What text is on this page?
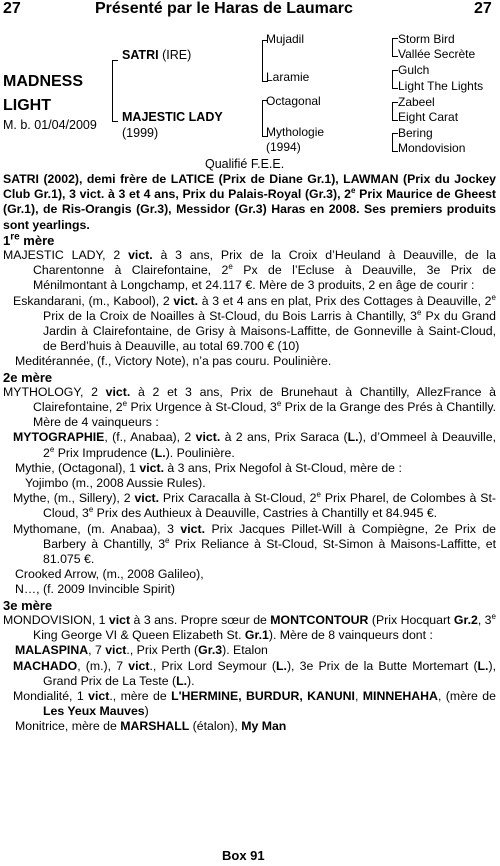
27	Présenté par le Haras de Laumarc	27
MADNESS
LIGHT
M. b. 01/04/2009
SATRI (IRE)
MAJESTIC LADY
(1999)
Mujadil
Laramie
Octagonal
Mythologie
(1994)
Storm Bird
Vallée Secrète
Gulch
Light The Lights
Zabeel
Eight Carat
Bering
Mondovision
Qualifié F.E.E.

SATRI (2002), demi frère de LATICE (Prix de Diane Gr.1), LAWMAN (Prix du Jockey Club Gr.1), 3 vict. à 3 et 4 ans, Prix du Palais-Royal (Gr.3), 2e Prix Maurice de Gheest (Gr.1), de Ris-Orangis (Gr.3), Messidor (Gr.3) Haras en 2008. Ses premiers produits sont yearlings.

1re mère

MAJESTIC LADY, 2 vict. à 3 ans, Prix de la Croix d’Heuland à Deauville, de la Charentonne à Clairefontaine, 2e Px de l’Ecluse à Deauville, 3e Prix de Ménilmontant à Longchamp, et 24.117 €. Mère de 3 produits, 2 en âge de courir :

Eskandarani, (m., Kabool), 2 vict. à 3 et 4 ans en plat, Prix des Cottages à Deauville, 2e Prix de la Croix de Noailles à St-Cloud, du Bois Larris à Chantilly, 3e Px du Grand Jardin à Clairefontaine, de Grisy à Maisons-Laffitte, de Gonneville à Saint-Cloud, de Berd’huis à Deauville, au total 69.700 € (10)

Meditérannée, (f., Victory Note), n’a pas couru. Poulinière.

2e mère

MYTHOLOGY, 2 vict. à 2 et 3 ans, Prix de Brunehaut à Chantilly, AllezFrance à Clairefontaine, 2e Prix Urgence à St-Cloud, 3e Prix de la Grange des Prés à Chantilly. Mère de 4 vainqueurs :

MYTOGRAPHIE, (f., Anabaa), 2 vict. à 2 ans, Prix Saraca (L.), d’Ommeel à Deauville, 2e Prix Imprudence (L.). Poulinière.

Mythie, (Octagonal), 1 vict. à 3 ans, Prix Negofol à St-Cloud, mère de :

Yojimbo (m., 2008 Aussie Rules).

Mythe, (m., Sillery), 2 vict. Prix Caracalla à St-Cloud, 2e Prix Pharel, de Colombes à St-Cloud, 3e Prix des Authieux à Deauville, Castries à Chantilly et 84.945 €.

Mythomane, (m. Anabaa), 3 vict. Prix Jacques Pillet-Will à Compiègne, 2e Prix de Barbery à Chantilly, 3e Prix Reliance à St-Cloud, St-Simon à Maisons-Laffitte, et 81.075 €.

Crooked Arrow, (m., 2008 Galileo),

N…, (f. 2009 Invincible Spirit)

3e mère

MONDOVISION, 1 vict à 3 ans. Propre sœur de MONTCONTOUR (Prix Hocquart Gr.2, 3e King George VI & Queen Elizabeth St. Gr.1). Mère de 8 vainqueurs dont :

MALASPINA, 7 vict., Prix Perth (Gr.3). Etalon

MACHADO, (m.), 7 vict., Prix Lord Seymour (L.), 3e Prix de la Butte Mortemart (L.), Grand Prix de La Teste (L.).

Mondialité, 1 vict., mère de L'HERMINE, BURDUR, KANUNI, MINNEHAHA, (mère de Les Yeux Mauves)

Monitrice, mère de MARSHALL (étalon), My Man

Box 91
